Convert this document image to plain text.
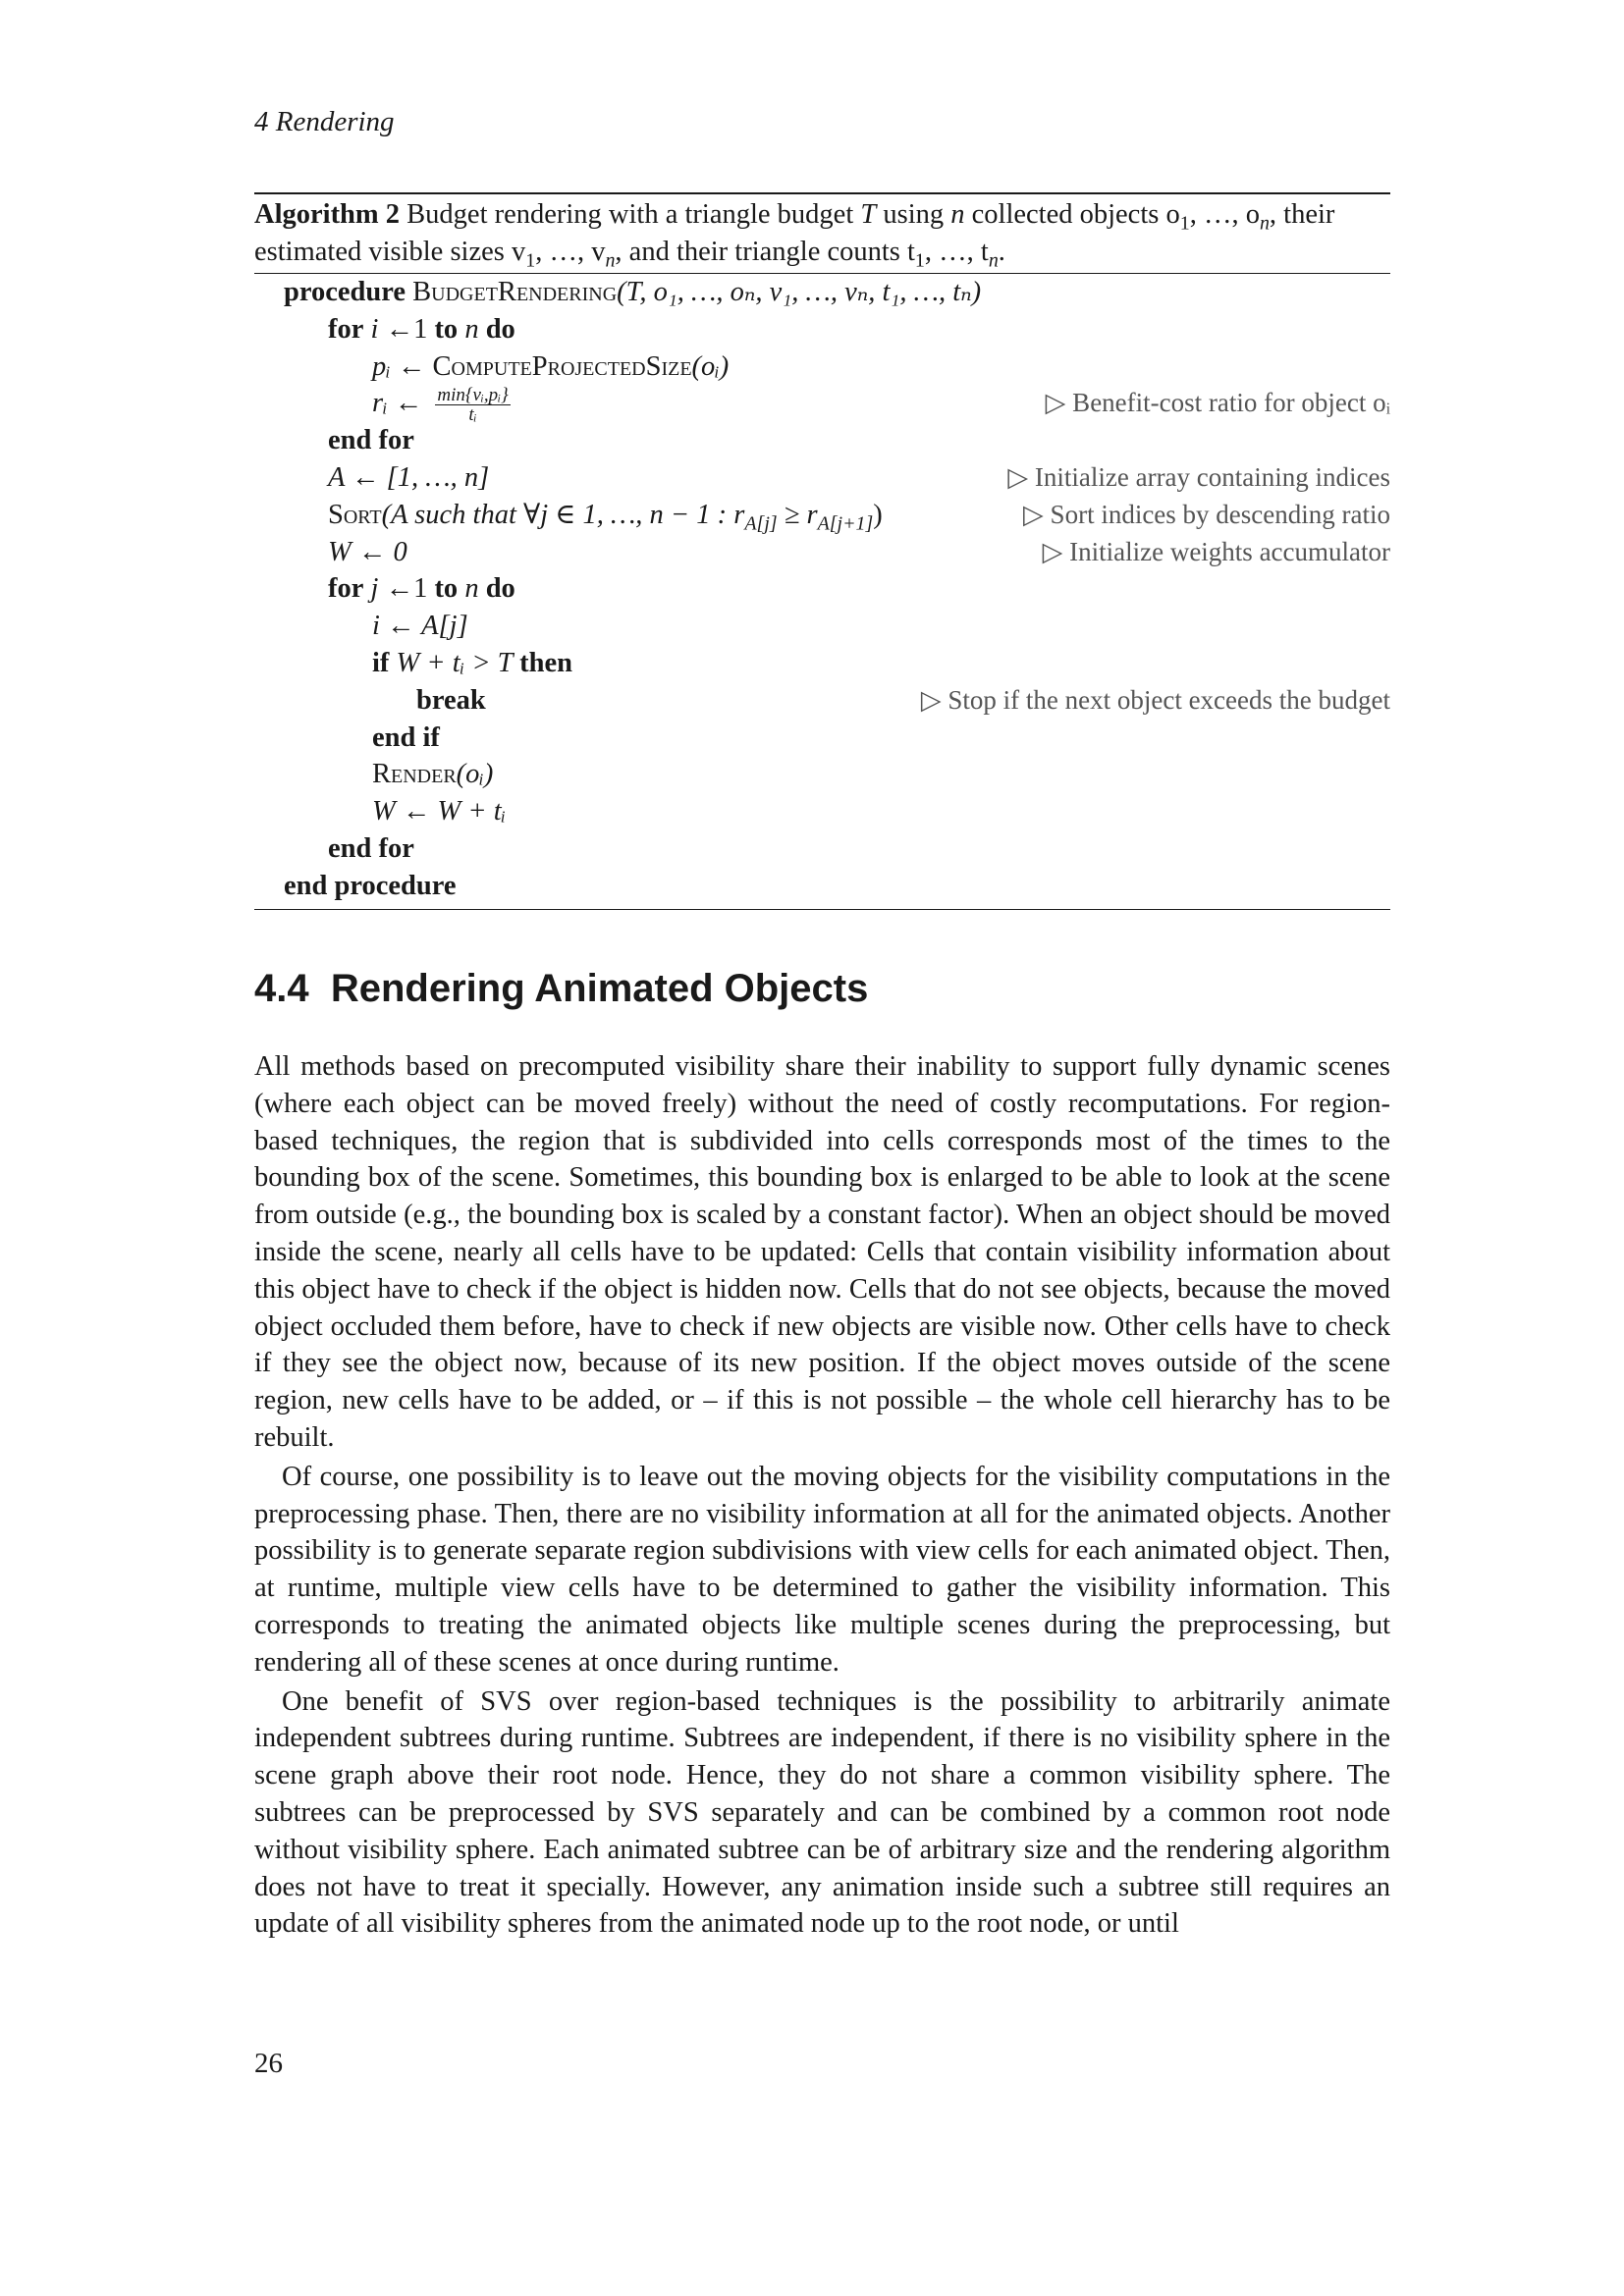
4 Rendering
Algorithm 2 Budget rendering with a triangle budget T using n collected objects $o_1$, …, $o_n$, their estimated visible sizes $v_1$, …, $v_n$, and their triangle counts $t_1$, …, $t_n$.
procedure BudgetRendering(T, o₁, …, oₙ, v₁, …, vₙ, t₁, …, tₙ)
for i ←1 to n do
pᵢ ← ComputeProjectedSize(oᵢ)
rᵢ ← $\frac{\text{min\{vᵢ,pᵢ\}}}{\text{tᵢ}}$	▷ Benefit-cost ratio for object oᵢ
end for
A ← [1, …, n]	▷ Initialize array containing indices
Sort(A such that ∀j ∈ 1, …, n − 1 : $r_{A[j]} \ge r_{A[j+1]}$)	▷ Sort indices by descending ratio
W ← 0	▷ Initialize weights accumulator
for j ←1 to n do
i ← A[j]
if W + tᵢ > T then
break	▷ Stop if the next object exceeds the budget
end if
Render(oᵢ)
W ← W + tᵢ
end for
end procedure
4.4 Rendering Animated Objects

All methods based on precomputed visibility share their inability to support fully dynamic scenes (where each object can be moved freely) without the need of costly recomputations. For region-based techniques, the region that is subdivided into cells corresponds most of the times to the bounding box of the scene. Sometimes, this bounding box is enlarged to be able to look at the scene from outside (e.g., the bounding box is scaled by a constant factor). When an object should be moved inside the scene, nearly all cells have to be updated: Cells that contain visibility information about this object have to check if the object is hidden now. Cells that do not see objects, because the moved object occluded them before, have to check if new objects are visible now. Other cells have to check if they see the object now, because of its new position. If the object moves outside of the scene region, new cells have to be added, or – if this is not possible – the whole cell hierarchy has to be rebuilt.

Of course, one possibility is to leave out the moving objects for the visibility computations in the preprocessing phase. Then, there are no visibility information at all for the animated objects. Another possibility is to generate separate region subdivisions with view cells for each animated object. Then, at runtime, multiple view cells have to be determined to gather the visibility information. This corresponds to treating the animated objects like multiple scenes during the preprocessing, but rendering all of these scenes at once during runtime.

One benefit of SVS over region-based techniques is the possibility to arbitrarily animate independent subtrees during runtime. Subtrees are independent, if there is no visibility sphere in the scene graph above their root node. Hence, they do not share a common visibility sphere. The subtrees can be preprocessed by SVS separately and can be combined by a common root node without visibility sphere. Each animated subtree can be of arbitrary size and the rendering algorithm does not have to treat it specially. However, any animation inside such a subtree still requires an update of all visibility spheres from the animated node up to the root node, or until

26
